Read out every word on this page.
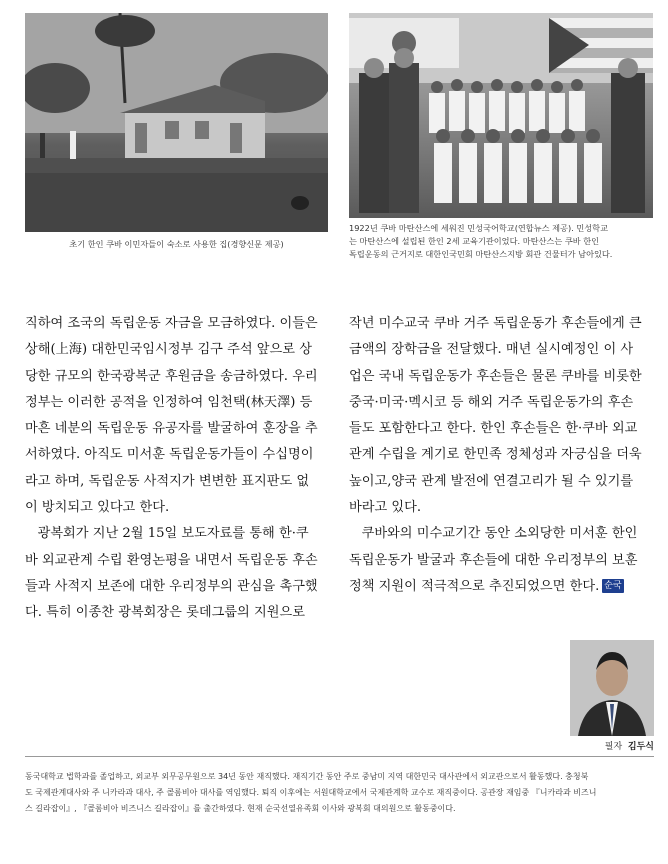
초기 한인 쿠바 이민자들이 숙소로 사용한 집(경향신문 제공)
1922년 쿠바 마탄산스에 세워진 민성국어학교(연합뉴스 제공). 민성학교
는 마탄산스에 설립된 한인 2세 교육기관이었다. 마탄산스는 쿠바 한인
독립운동의 근거지로 대한인국민회 마탄산스지방 회관 건물터가 남아있다.
직하여 조국의 독립운동 자금을 모금하였다. 이들은
상해(上海) 대한민국임시정부 김구 주석 앞으로 상
당한 규모의 한국광복군 후원금을 송금하였다. 우리
정부는 이러한 공적을 인정하여 임천택(林天澤) 등
마흔 네분의 독립운동 유공자를 발굴하여 훈장을 추
서하였다. 아직도 미서훈 독립운동가들이 수십명이
라고 하며, 독립운동 사적지가 변변한 표지판도 없
이 방치되고 있다고 한다.
광복회가 지난 2월 15일 보도자료를 통해 한·쿠
바 외교관계 수립 환영논평을 내면서 독립운동 후손
들과 사적지 보존에 대한 우리정부의 관심을 촉구했
다. 특히 이종찬 광복회장은 롯데그룹의 지원으로
작년 미수교국 쿠바 거주 독립운동가 후손들에게 큰
금액의 장학금을 전달했다. 매년 실시예정인 이 사
업은 국내 독립운동가 후손들은 물론 쿠바를 비롯한
중국·미국·멕시코 등 해외 거주 독립운동가의 후손
들도 포함한다고 한다. 한인 후손들은 한·쿠바 외교
관계 수립을 계기로 한민족 정체성과 자긍심을 더욱
높이고,양국 관계 발전에 연결고리가 될 수 있기를
바라고 있다.
쿠바와의 미수교기간 동안 소외당한 미서훈 한인
독립운동가 발굴과 후손들에 대한 우리정부의 보훈
정책 지원이 적극적으로 추진되었으면 한다. 순국
필자 김두식
동국대학교 법학과를 졸업하고, 외교부 외무공무원으로 34년 동안 재직했다. 재직기간 동안 주로 중남미 지역 대한민국 대사관에서 외교관으로서 활동했다. 충청북
도 국제관계대사와 주 니카라과 대사, 주 콜롬비아 대사를 역임했다. 퇴직 이후에는 서원대학교에서 국제관계학 교수로 재직중이다. 공관장 재임중 『니카라과 비즈니
스 길라잡이』, 『콜롬비아 비즈니스 길라잡이』를 출간하였다. 현재 순국선열유족회 이사와 광복회 대의원으로 활동중이다.
